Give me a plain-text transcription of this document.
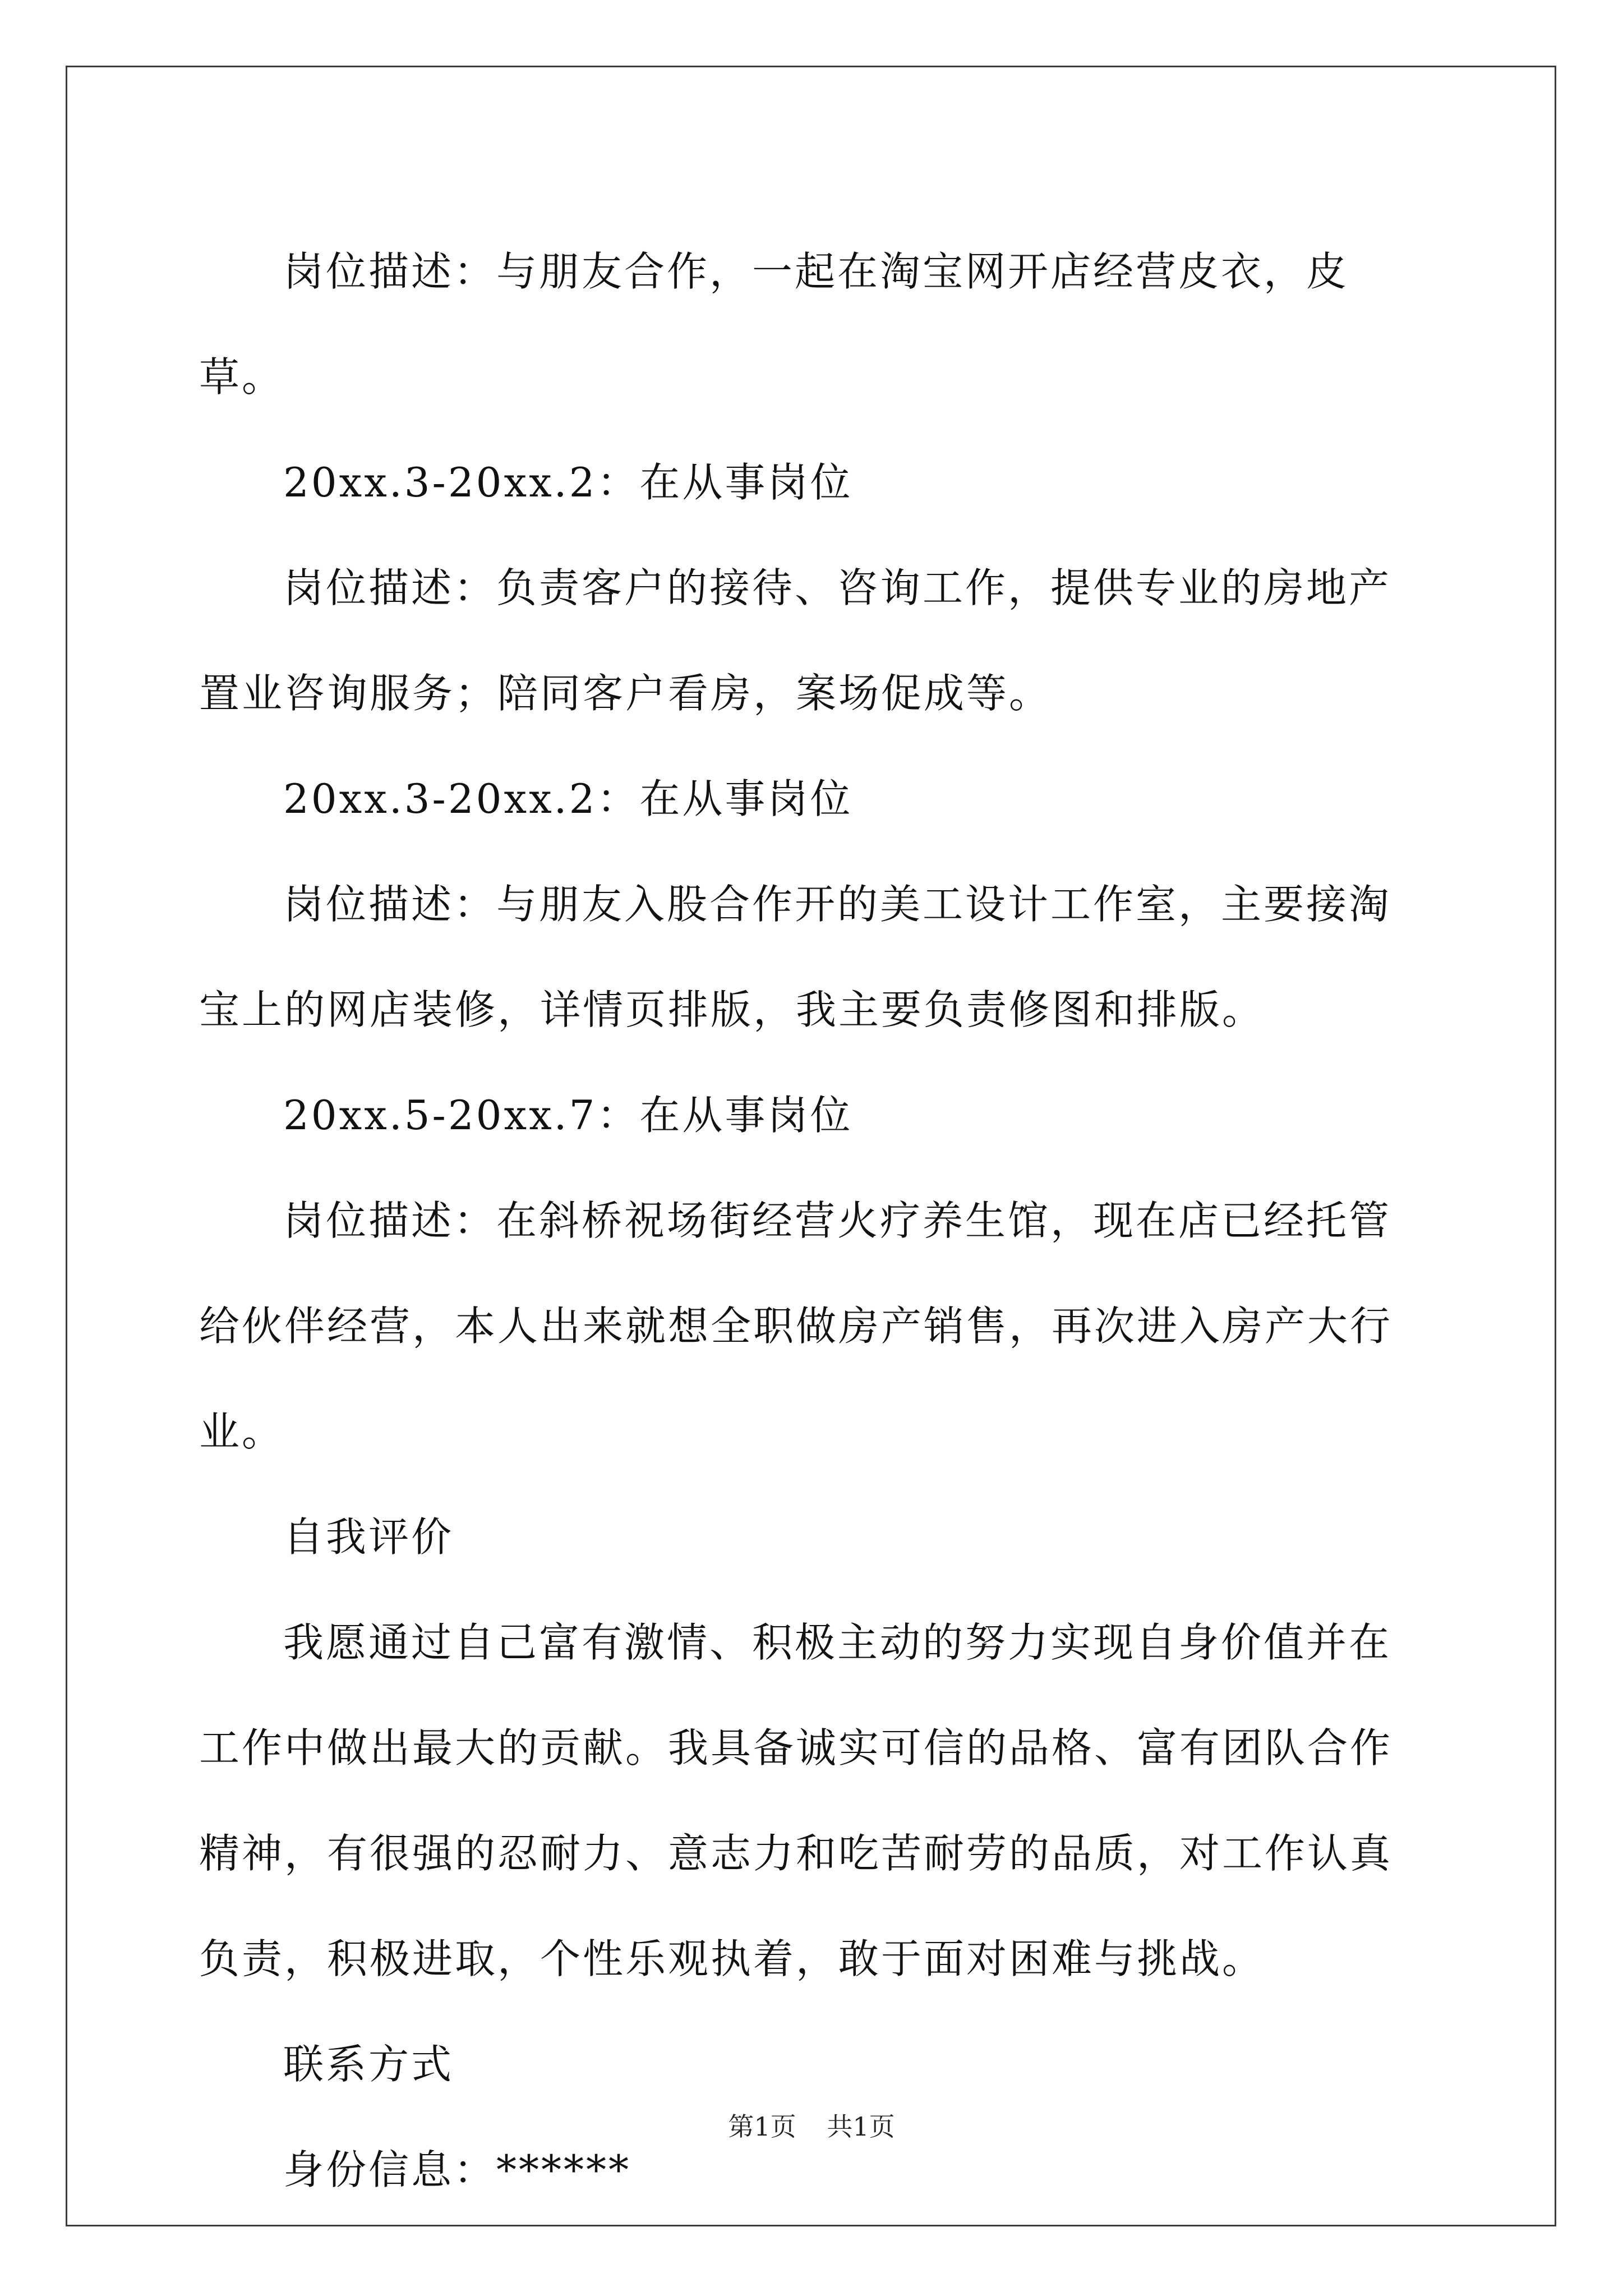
岗位描述：与朋友合作，一起在淘宝网开店经营皮衣，皮草。

20xx.3-20xx.2：在从事岗位

岗位描述：负责客户的接待、咨询工作，提供专业的房地产置业咨询服务；陪同客户看房，案场促成等。

20xx.3-20xx.2：在从事岗位

岗位描述：与朋友入股合作开的美工设计工作室，主要接淘宝上的网店装修，详情页排版，我主要负责修图和排版。

20xx.5-20xx.7：在从事岗位

岗位描述：在斜桥祝场街经营火疗养生馆，现在店已经托管给伙伴经营，本人出来就想全职做房产销售，再次进入房产大行业。

自我评价

我愿通过自己富有激情、积极主动的努力实现自身价值并在工作中做出最大的贡献。我具备诚实可信的品格、富有团队合作精神，有很强的忍耐力、意志力和吃苦耐劳的品质，对工作认真负责，积极进取，个性乐观执着，敢于面对困难与挑战。

联系方式

身份信息：******

第1页 共1页
